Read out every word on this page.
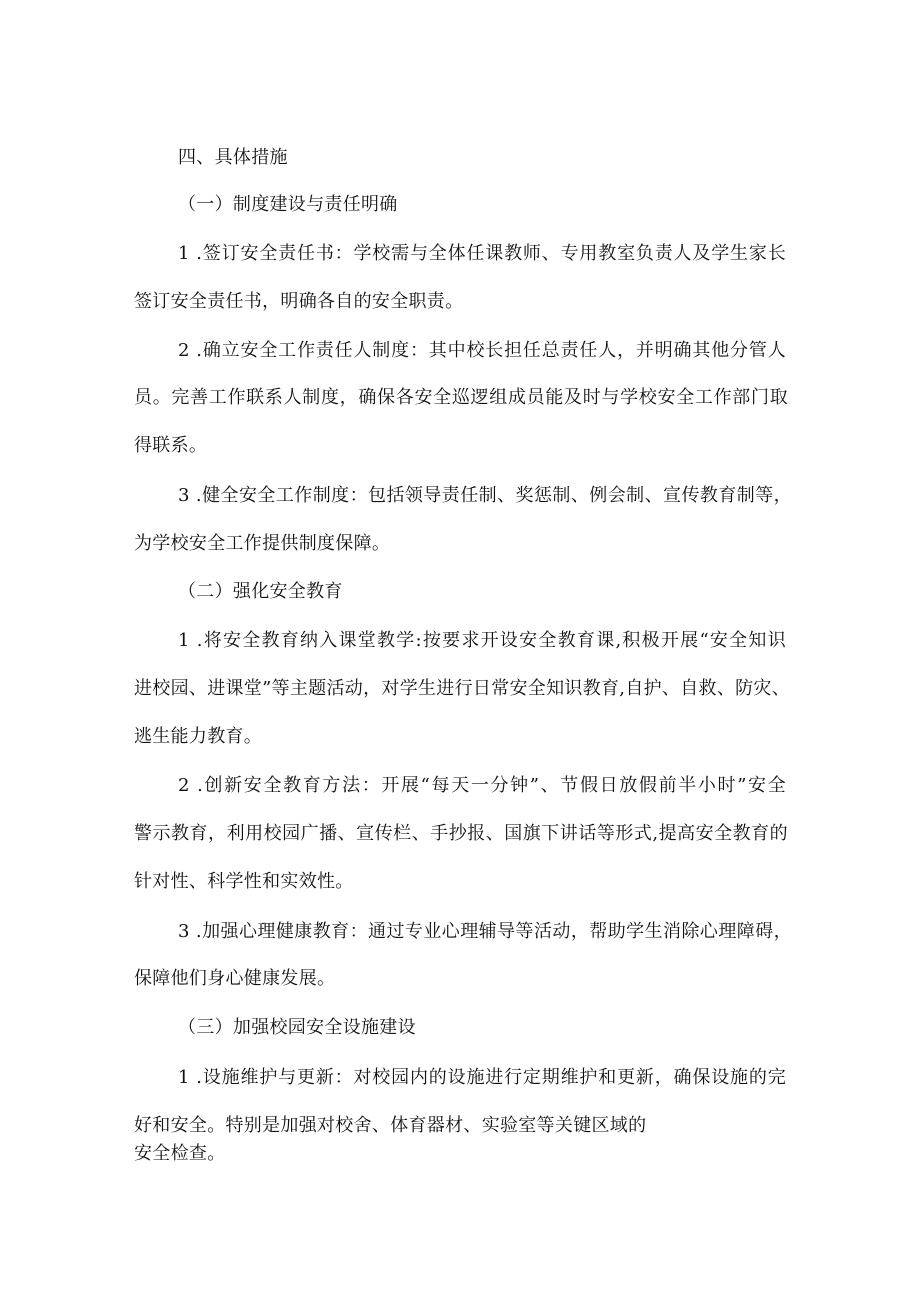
四、具体措施
（一）制度建设与责任明确
1 .签订安全责任书：学校需与全体任课教师、专用教室负责人及学生家长
签订安全责任书，明确各自的安全职责。
2 .确立安全工作责任人制度：其中校长担任总责任人，并明确其他分管人
员。完善工作联系人制度，确保各安全巡逻组成员能及时与学校安全工作部门取
得联系。
3 .健全安全工作制度：包括领导责任制、奖惩制、例会制、宣传教育制等，
为学校安全工作提供制度保障。
（二）强化安全教育
1 .将安全教育纳入课堂教学:按要求开设安全教育课,积极开展“安全知识
进校园、进课堂”等主题活动，对学生进行日常安全知识教育,自护、自救、防灾、
逃生能力教育。
2 .创新安全教育方法：开展“每天一分钟”、节假日放假前半小时”安全
警示教育，利用校园广播、宣传栏、手抄报、国旗下讲话等形式,提高安全教育的
针对性、科学性和实效性。
3 .加强心理健康教育：通过专业心理辅导等活动，帮助学生消除心理障碍，
保障他们身心健康发展。
（三）加强校园安全设施建设
1 .设施维护与更新：对校园内的设施进行定期维护和更新，确保设施的完
好和安全。特别是加强对校舍、体育器材、实验室等关键区域的
安全检查。
